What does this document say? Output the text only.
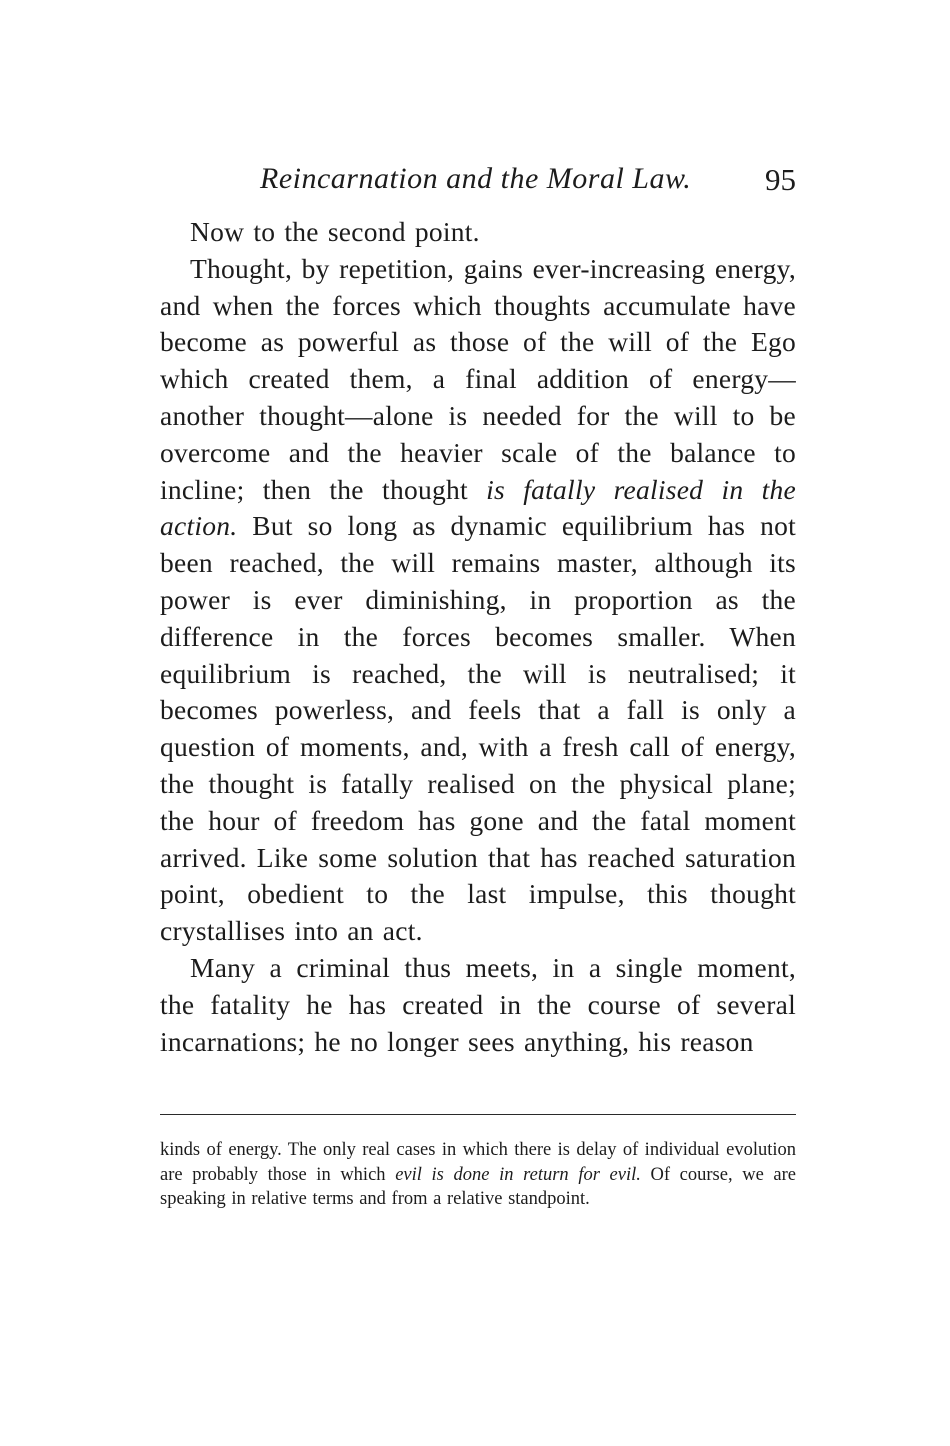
Reincarnation and the Moral Law. 95

Now to the second point.

Thought, by repetition, gains ever-increasing energy, and when the forces which thoughts accumulate have become as powerful as those of the will of the Ego which created them, a final addition of energy—another thought—alone is needed for the will to be overcome and the heavier scale of the balance to incline; then the thought is fatally realised in the action. But so long as dynamic equilibrium has not been reached, the will remains master, although its power is ever diminishing, in proportion as the difference in the forces becomes smaller. When equilibrium is reached, the will is neutralised; it becomes powerless, and feels that a fall is only a question of moments, and, with a fresh call of energy, the thought is fatally realised on the physical plane; the hour of freedom has gone and the fatal moment arrived. Like some solution that has reached saturation point, obedient to the last impulse, this thought crystallises into an act.

Many a criminal thus meets, in a single moment, the fatality he has created in the course of several incarnations; he no longer sees anything, his reason

kinds of energy. The only real cases in which there is delay of individual evolution are probably those in which evil is done in return for evil. Of course, we are speaking in relative terms and from a relative standpoint.
